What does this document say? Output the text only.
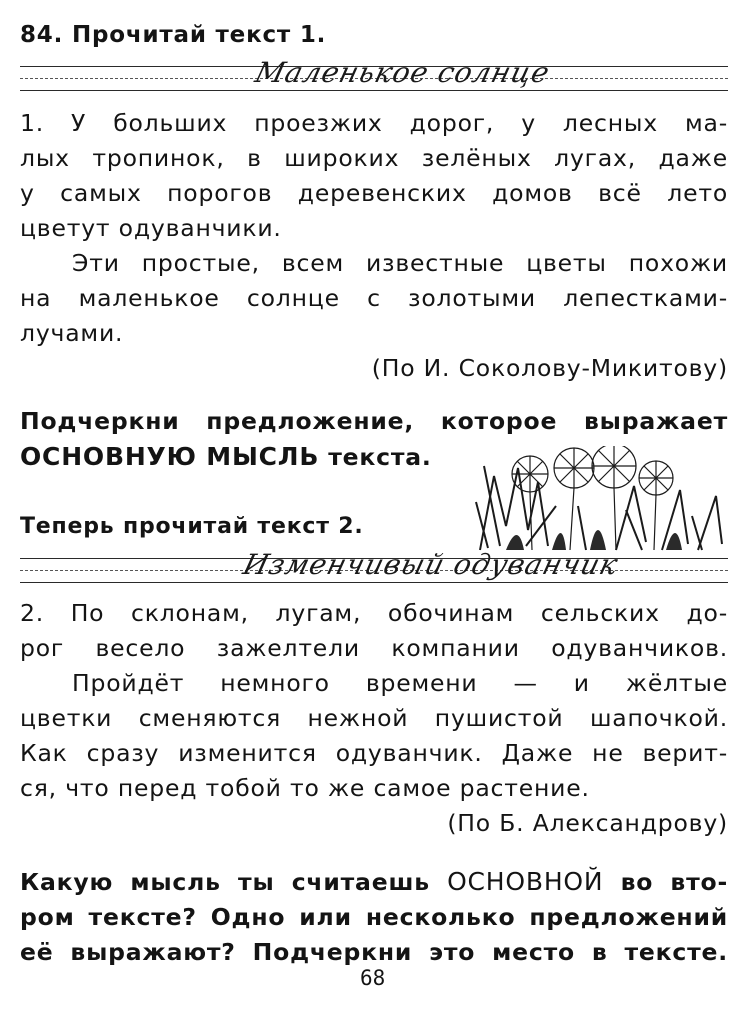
84. Прочитай текст 1.
Маленькое солнце
1. У больших проезжих дорог, у лесных ма-
лых тропинок, в широких зелёных лугах, даже
у самых порогов деревенских домов всё лето
цветут одуванчики.
Эти простые, всем известные цветы похожи
на маленькое солнце с золотыми лепестками-
лучами.
(По И. Соколову-Микитову)
Подчеркни предложение, которое выражает
ОСНОВНУЮ МЫСЛЬ текста.
Теперь прочитай текст 2.
Изменчивый одуванчик
2. По склонам, лугам, обочинам сельских до-
рог весело зажелтели компании одуванчиков.
Пройдёт немного времени — и жёлтые
цветки сменяются нежной пушистой шапочкой.
Как сразу изменится одуванчик. Даже не верит-
ся, что перед тобой то же самое растение.
(По Б. Александрову)
Какую мысль ты считаешь ОСНОВНОЙ во вто-
ром тексте? Одно или несколько предложений
её выражают? Подчеркни это место в тексте.
68
